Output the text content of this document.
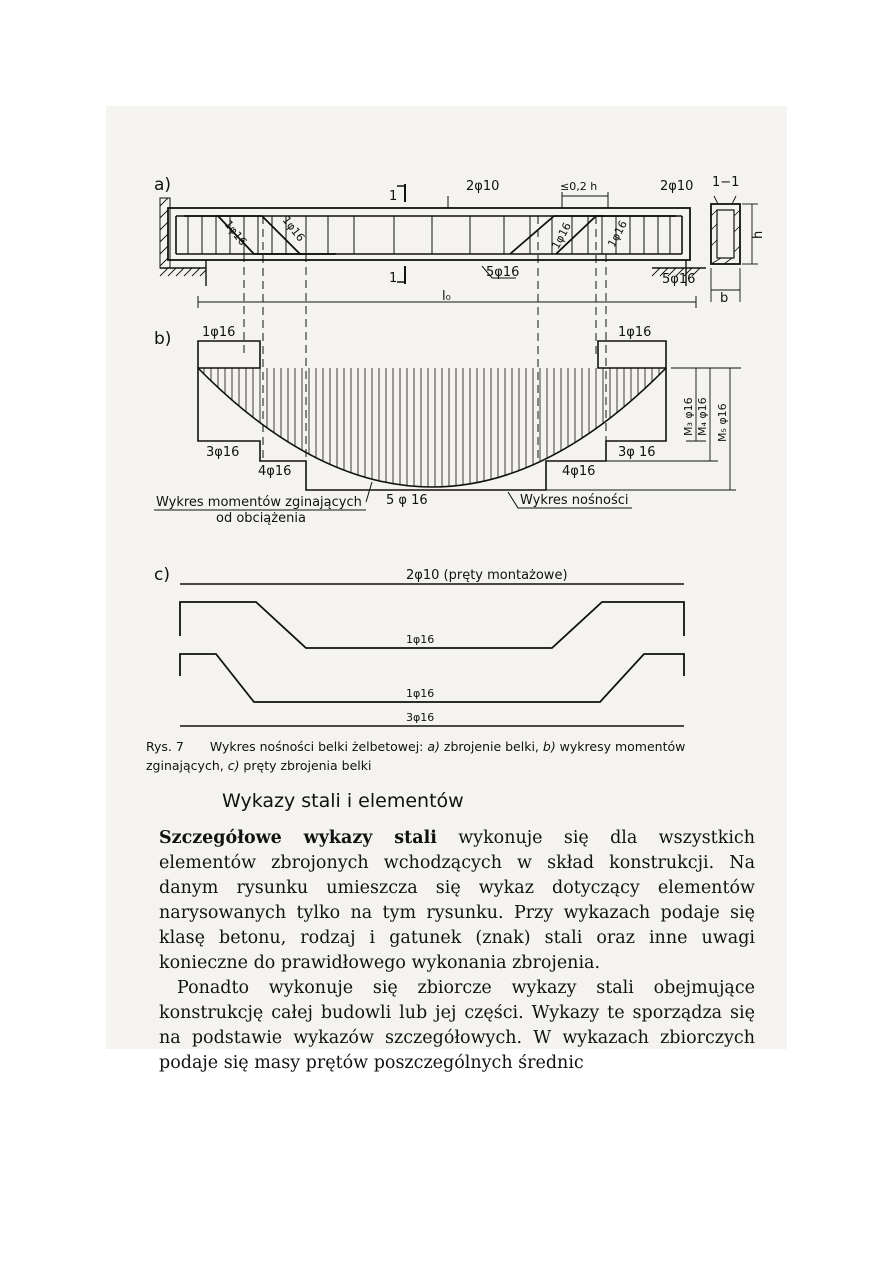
a)
b)
c)
1
1
2φ10	≤0,2 h	2φ10 1−1
h
b
5φ16	5φ16
l₀
1φ16	1φ16	1φ16	1φ16
1φ16	1φ16
3φ16
4φ16
5 φ 16
4φ16
3φ 16
M₃ φ16 M₄ φ16 M₅ φ16
Wykres momentów zginających
od obciążenia
Wykres nośności
2φ10 (pręty montażowe)
1φ16
1φ16
3φ16
Rys. 7 Wykres nośności belki żelbetowej: a) zbrojenie belki, b) wykresy momentów zginających, c) pręty zbrojenia belki
Wykazy stali i elementów

Szczegółowe wykazy stali wykonuje się dla wszystkich elementów zbrojonych wchodzących w skład konstrukcji. Na danym rysunku umieszcza się wykaz dotyczący elementów narysowanych tylko na tym rysunku. Przy wykazach podaje się klasę betonu, rodzaj i gatunek (znak) stali oraz inne uwagi konieczne do prawidłowego wykonania zbrojenia.

Ponadto wykonuje się zbiorcze wykazy stali obejmujące konstrukcję całej budowli lub jej części. Wykazy te sporządza się na podstawie wykazów szczegółowych. W wykazach zbiorczych podaje się masy prętów poszczególnych średnic
